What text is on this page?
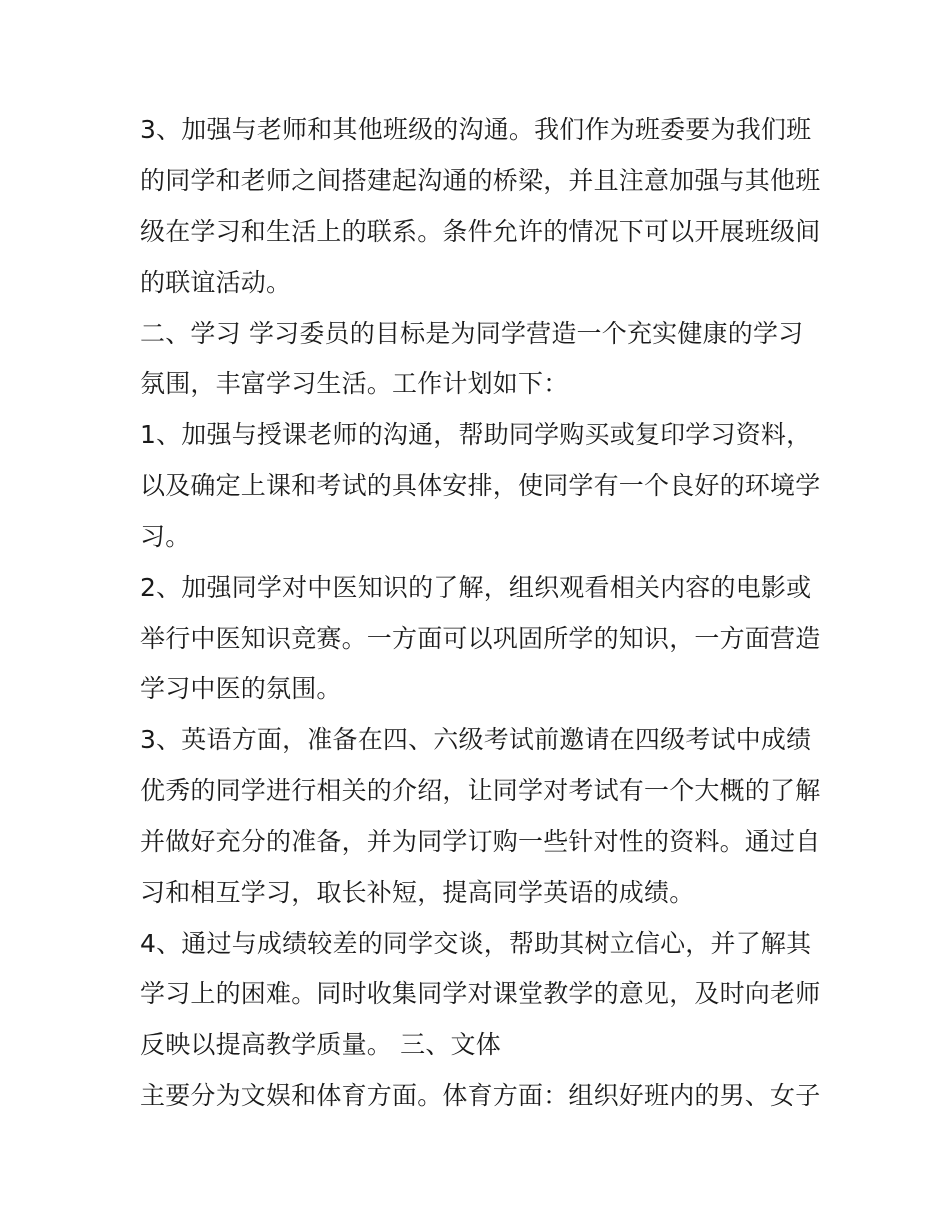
3、加强与老师和其他班级的沟通。我们作为班委要为我们班
的同学和老师之间搭建起沟通的桥梁，并且注意加强与其他班
级在学习和生活上的联系。条件允许的情况下可以开展班级间
的联谊活动。
二、学习 学习委员的目标是为同学营造一个充实健康的学习
氛围，丰富学习生活。工作计划如下：
1、加强与授课老师的沟通，帮助同学购买或复印学习资料，
以及确定上课和考试的具体安排，使同学有一个良好的环境学
习。
2、加强同学对中医知识的了解，组织观看相关内容的电影或
举行中医知识竞赛。一方面可以巩固所学的知识，一方面营造
学习中医的氛围。
3、英语方面，准备在四、六级考试前邀请在四级考试中成绩
优秀的同学进行相关的介绍，让同学对考试有一个大概的了解
并做好充分的准备，并为同学订购一些针对性的资料。通过自
习和相互学习，取长补短，提高同学英语的成绩。
4、通过与成绩较差的同学交谈，帮助其树立信心，并了解其
学习上的困难。同时收集同学对课堂教学的意见，及时向老师
反映以提高教学质量。 三、文体
主要分为文娱和体育方面。体育方面：组织好班内的男、女子
